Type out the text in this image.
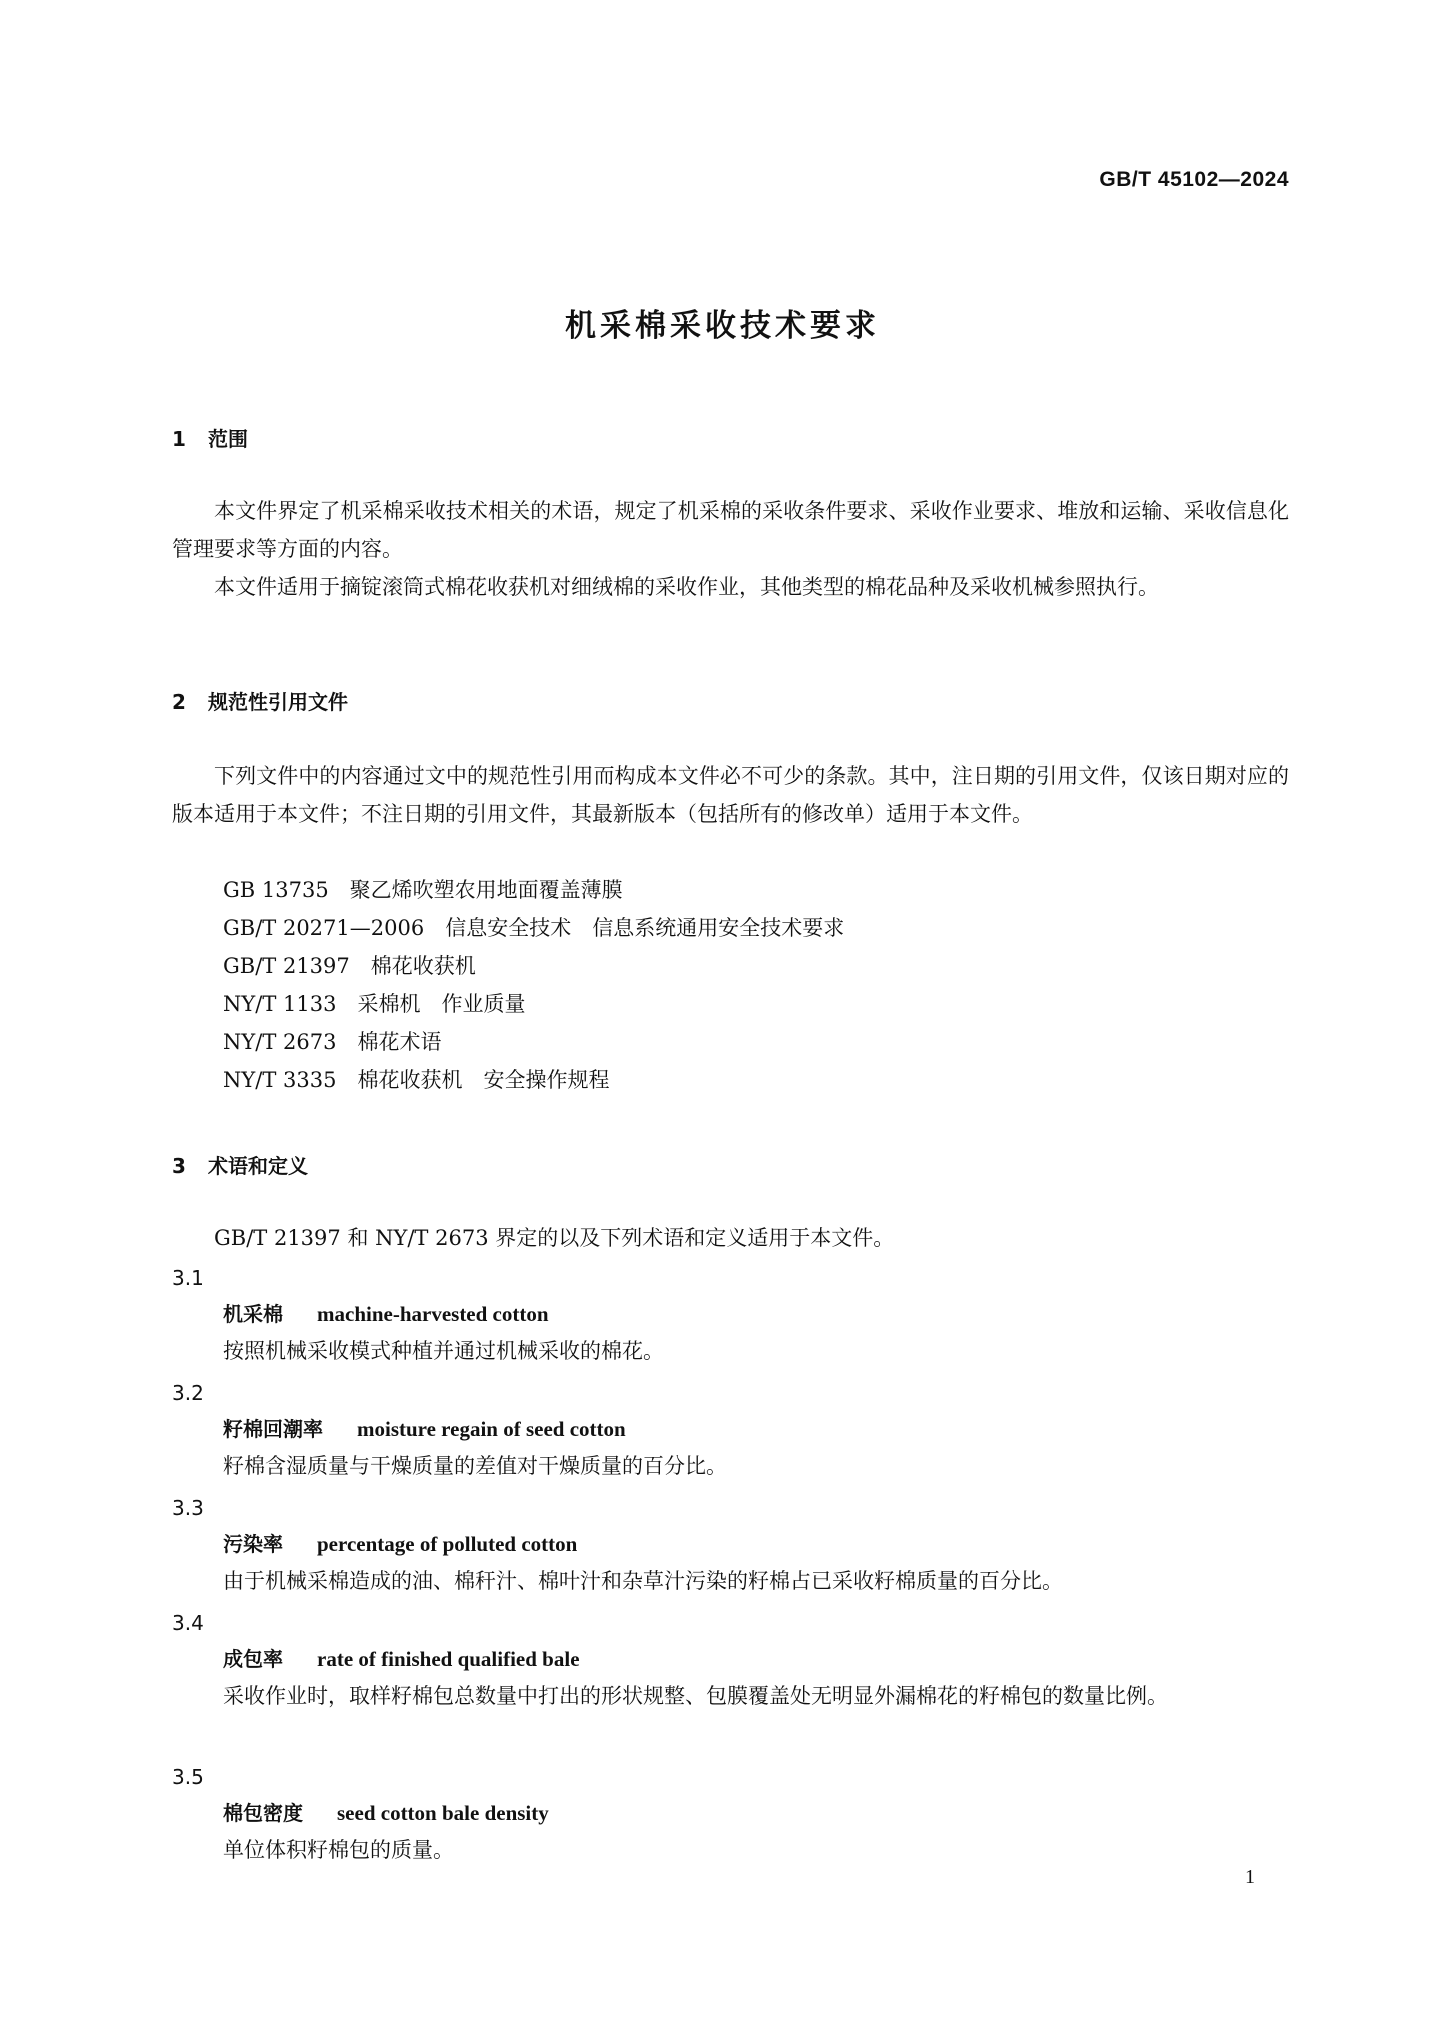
GB/T 45102—2024
机采棉采收技术要求
1 范围
本文件界定了机采棉采收技术相关的术语，规定了机采棉的采收条件要求、采收作业要求、堆放和运输、采收信息化管理要求等方面的内容。
本文件适用于摘锭滚筒式棉花收获机对细绒棉的采收作业，其他类型的棉花品种及采收机械参照执行。
2 规范性引用文件
下列文件中的内容通过文中的规范性引用而构成本文件必不可少的条款。其中，注日期的引用文件，仅该日期对应的版本适用于本文件；不注日期的引用文件，其最新版本（包括所有的修改单）适用于本文件。
GB 13735　聚乙烯吹塑农用地面覆盖薄膜
GB/T 20271—2006　信息安全技术　信息系统通用安全技术要求
GB/T 21397　棉花收获机
NY/T 1133　采棉机　作业质量
NY/T 2673　棉花术语
NY/T 3335　棉花收获机　安全操作规程
3 术语和定义
GB/T 21397 和 NY/T 2673 界定的以及下列术语和定义适用于本文件。
3.1
机采棉 machine-harvested cotton
按照机械采收模式种植并通过机械采收的棉花。
3.2
籽棉回潮率 moisture regain of seed cotton
籽棉含湿质量与干燥质量的差值对干燥质量的百分比。
3.3
污染率 percentage of polluted cotton
由于机械采棉造成的油、棉秆汁、棉叶汁和杂草汁污染的籽棉占已采收籽棉质量的百分比。
3.4
成包率 rate of finished qualified bale
采收作业时，取样籽棉包总数量中打出的形状规整、包膜覆盖处无明显外漏棉花的籽棉包的数量比例。
3.5
棉包密度 seed cotton bale density
单位体积籽棉包的质量。
1
